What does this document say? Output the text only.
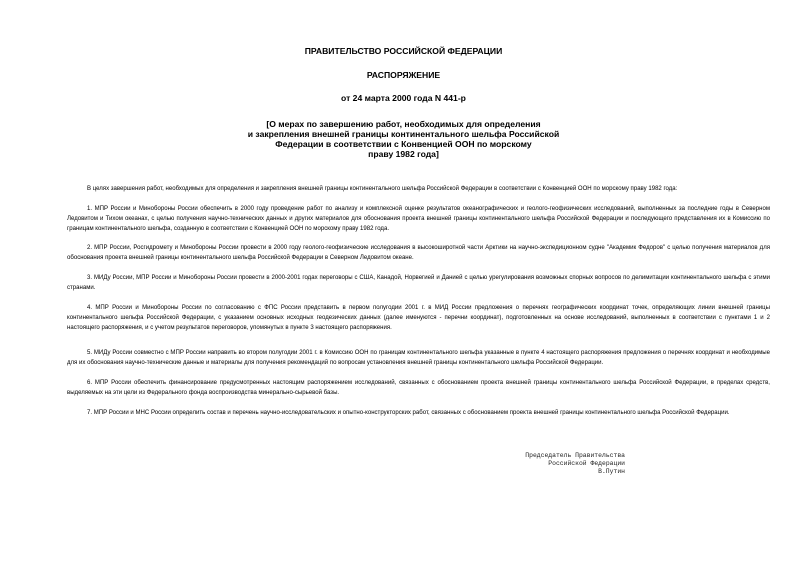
ПРАВИТЕЛЬСТВО РОССИЙСКОЙ ФЕДЕРАЦИИ
РАСПОРЯЖЕНИЕ
от 24 марта 2000 года N 441-р
[О мерах по завершению работ, необходимых для определения
и закрепления внешней границы континентального шельфа Российской
Федерации в соответствии с Конвенцией ООН по морскому
праву 1982 года]
В целях завершения работ, необходимых для определения и закрепления внешней границы континентального шельфа Российской Федерации в соответствии с Конвенцией ООН по морскому праву 1982 года:
1. МПР России и Минобороны России обеспечить в 2000 году проведение работ по анализу и комплексной оценке результатов океанографических и геолого-геофизических исследований, выполненных за последние годы в Северном Ледовитом и Тихом океанах, с целью получения научно-технических данных и других материалов для обоснования проекта внешней границы континентального шельфа Российской Федерации и последующего представления их в Комиссию по границам континентального шельфа, созданную в соответствии с Конвенцией ООН по морскому праву 1982 года.
2. МПР России, Росгидромету и Минобороны России провести в 2000 году геолого-геофизические исследования в высокоширотной части Арктики на научно-экспедиционном судне "Академик Федоров" с целью получения материалов для обоснования проекта внешней границы континентального шельфа Российской Федерации в Северном Ледовитом океане.
3. МИДу России, МПР России и Минобороны России провести в 2000-2001 годах переговоры с США, Канадой, Норвегией и Данией с целью урегулирования возможных спорных вопросов по делимитации континентального шельфа с этими странами.
4. МПР России и Минобороны России по согласованию с ФПС России представить в первом полугодии 2001 г. в МИД России предложения о перечнях географических координат точек, определяющих линии внешней границы континентального шельфа Российской Федерации, с указанием основных исходных геодезических данных (далее именуются - перечни координат), подготовленных на основе исследований, выполненных в соответствии с пунктами 1 и 2 настоящего распоряжения, и с учетом результатов переговоров, упомянутых в пункте 3 настоящего распоряжения.
5. МИДу России совместно с МПР России направить во втором полугодии 2001 г. в Комиссию ООН по границам континентального шельфа указанные в пункте 4 настоящего распоряжения предложения о перечнях координат и необходимые для их обоснования научно-технические данные и материалы для получения рекомендаций по вопросам установления внешней границы континентального шельфа Российской Федерации.
6. МПР России обеспечить финансирование предусмотренных настоящим распоряжением исследований, связанных с обоснованием проекта внешней границы континентального шельфа Российской Федерации, в пределах средств, выделяемых на эти цели из Федерального фонда воспроизводства минерально-сырьевой базы.
7. МПР России и МНС России определить состав и перечень научно-исследовательских и опытно-конструкторских работ, связанных с обоснованием проекта внешней границы континентального шельфа Российской Федерации.
Председатель Правительства
Российской Федерации
В.Путин
